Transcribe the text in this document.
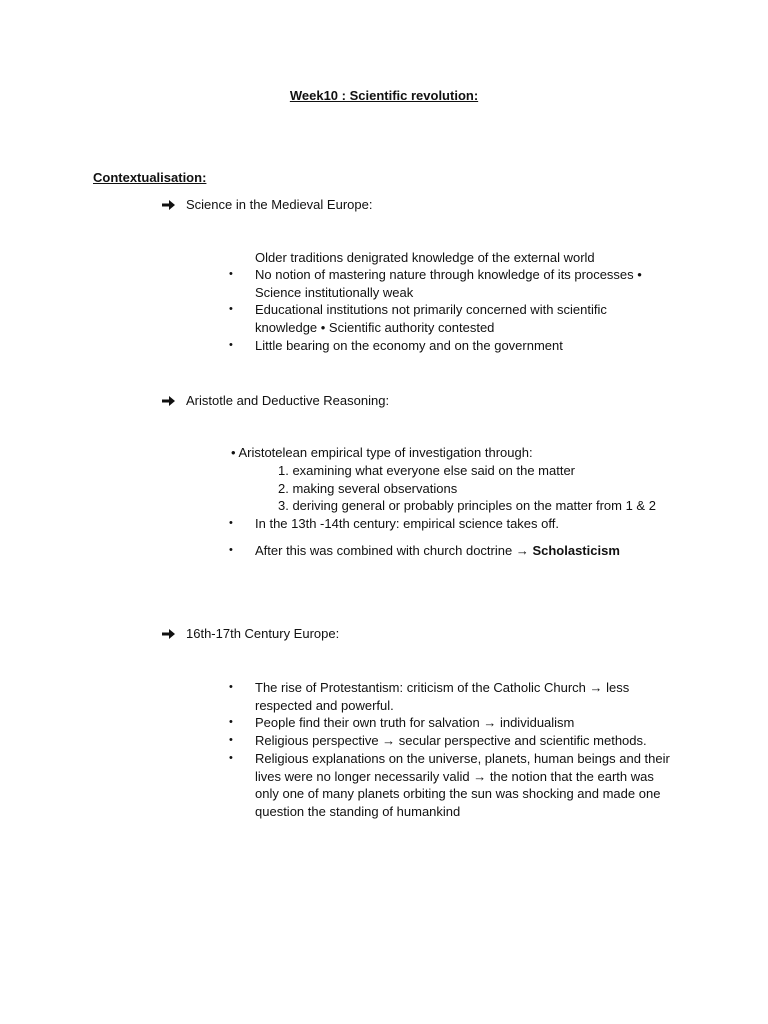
Week10 : Scientific revolution:
Contextualisation:
Science in the Medieval Europe:
Older traditions denigrated knowledge of the external world
•	No notion of mastering nature through knowledge of its processes •
Science institutionally weak
•	Educational institutions not primarily concerned with scientific
knowledge • Scientific authority contested
•	Little bearing on the economy and on the government
Aristotle and Deductive Reasoning:
• Aristotelean empirical type of investigation through:
1. examining what everyone else said on the matter
2. making several observations
3. deriving general or probably principles on the matter from 1 & 2
•	In the 13th -14th century: empirical science takes off.
•	After this was combined with church doctrine → Scholasticism
16th-17th Century Europe:
•	The rise of Protestantism: criticism of the Catholic Church → less
respected and powerful.
•	People find their own truth for salvation → individualism
•	Religious perspective → secular perspective and scientific methods.
•	Religious explanations on the universe, planets, human beings and their
lives were no longer necessarily valid → the notion that the earth was
only one of many planets orbiting the sun was shocking and made one
question the standing of humankind
